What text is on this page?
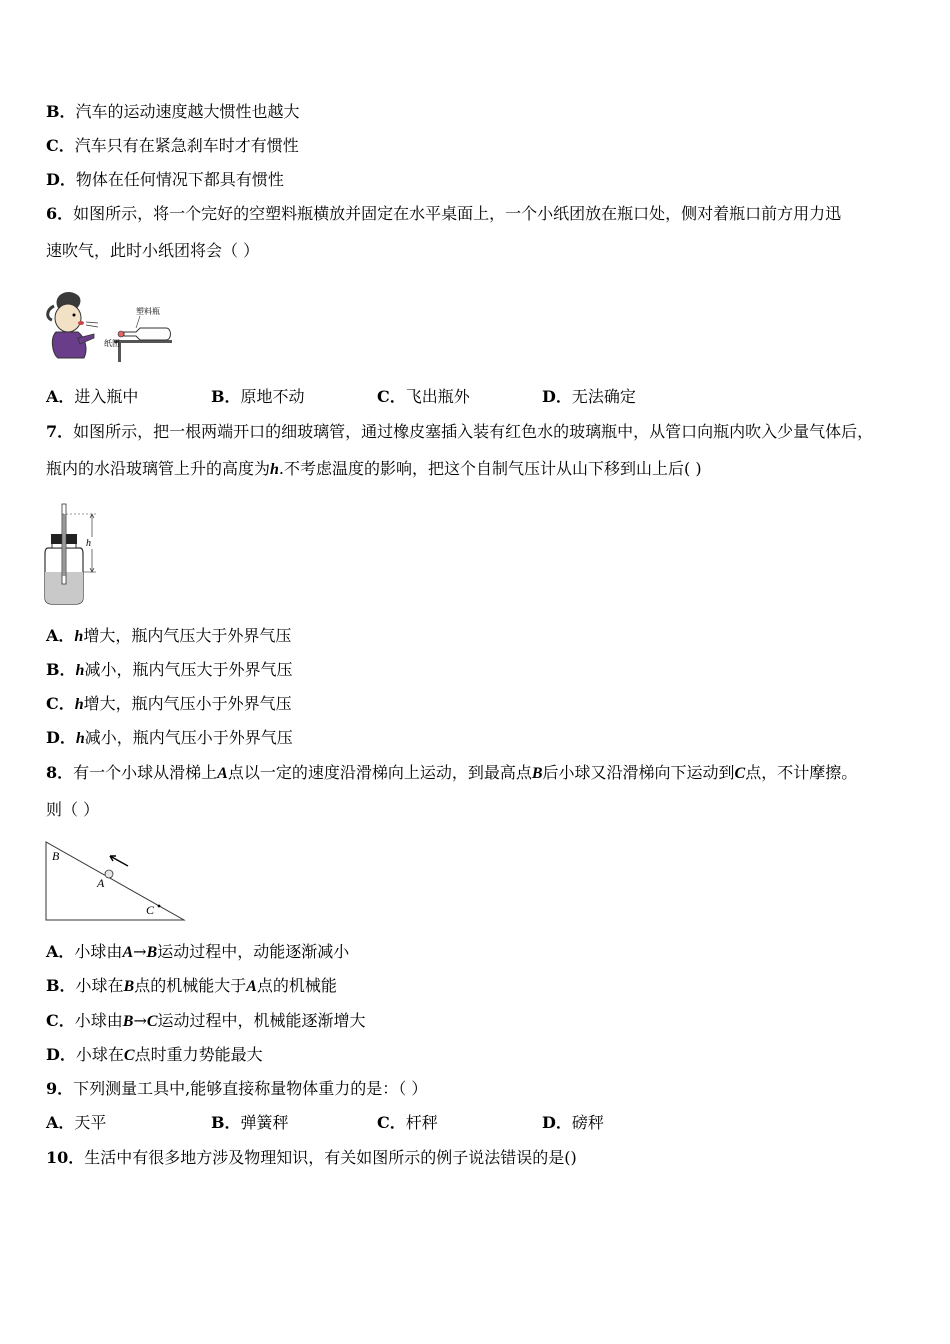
B．汽车的运动速度越大惯性也越大
C．汽车只有在紧急刹车时才有惯性
D．物体在任何情况下都具有惯性
6．如图所示，将一个完好的空塑料瓶横放并固定在水平桌面上，一个小纸团放在瓶口处，侧对着瓶口前方用力迅
速吹气，此时小纸团将会（ ）
塑料瓶
纸团
A．进入瓶中	B．原地不动	C．飞出瓶外	D．无法确定
7．如图所示，把一根两端开口的细玻璃管，通过橡皮塞插入装有红色水的玻璃瓶中，从管口向瓶内吹入少量气体后，
瓶内的水沿玻璃管上升的高度为h.不考虑温度的影响，把这个自制气压计从山下移到山上后( )
h
A．h增大，瓶内气压大于外界气压
B．h减小，瓶内气压大于外界气压
C．h增大，瓶内气压小于外界气压
D．h减小，瓶内气压小于外界气压
8．有一个小球从滑梯上A点以一定的速度沿滑梯向上运动，到最高点B后小球又沿滑梯向下运动到C点，不计摩擦。
则（ ）
B
A
C
A．小球由A→B运动过程中，动能逐渐减小
B．小球在B点的机械能大于A点的机械能
C．小球由B→C运动过程中，机械能逐渐增大
D．小球在C点时重力势能最大
9．下列测量工具中,能够直接称量物体重力的是：（ ）
A．天平	B．弹簧秤	C．杆秤	D．磅秤
10．生活中有很多地方涉及物理知识，有关如图所示的例子说法错误的是()
